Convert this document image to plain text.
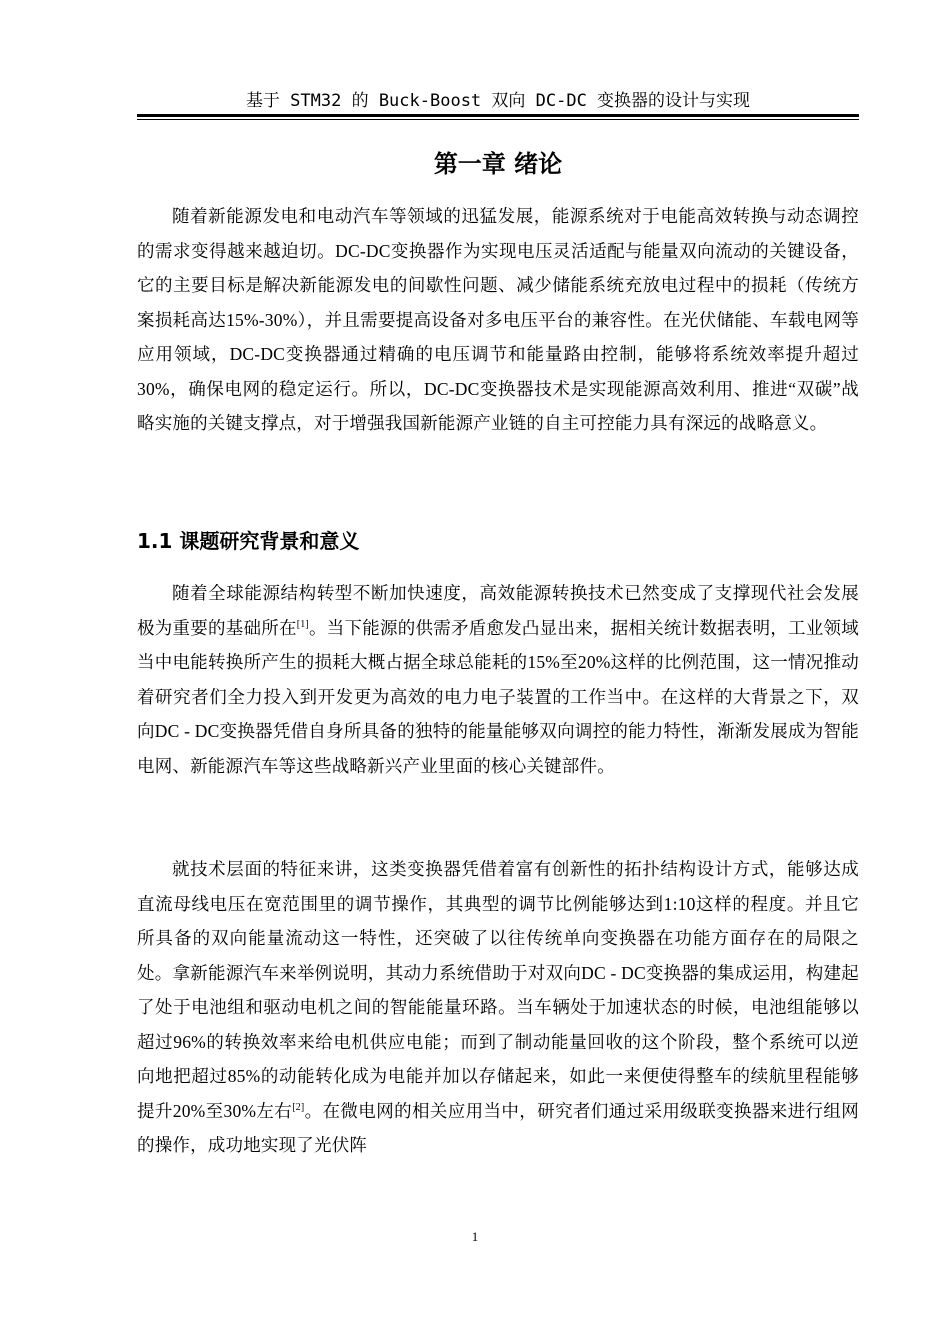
基于 STM32 的 Buck-Boost 双向 DC-DC 变换器的设计与实现
第一章 绪论

随着新能源发电和电动汽车等领域的迅猛发展，能源系统对于电能高效转换与动态调控的需求变得越来越迫切。DC-DC变换器作为实现电压灵活适配与能量双向流动的关键设备，它的主要目标是解决新能源发电的间歇性问题、减少储能系统充放电过程中的损耗（传统方案损耗高达15%-30%），并且需要提高设备对多电压平台的兼容性。在光伏储能、车载电网等应用领域，DC-DC变换器通过精确的电压调节和能量路由控制，能够将系统效率提升超过30%，确保电网的稳定运行。所以，DC-DC变换器技术是实现能源高效利用、推进“双碳”战略实施的关键支撑点，对于增强我国新能源产业链的自主可控能力具有深远的战略意义。

1.1 课题研究背景和意义

随着全球能源结构转型不断加快速度，高效能源转换技术已然变成了支撑现代社会发展极为重要的基础所在[1]。当下能源的供需矛盾愈发凸显出来，据相关统计数据表明，工业领域当中电能转换所产生的损耗大概占据全球总能耗的15%至20%这样的比例范围，这一情况推动着研究者们全力投入到开发更为高效的电力电子装置的工作当中。在这样的大背景之下，双向DC - DC变换器凭借自身所具备的独特的能量能够双向调控的能力特性，渐渐发展成为智能电网、新能源汽车等这些战略新兴产业里面的核心关键部件。

就技术层面的特征来讲，这类变换器凭借着富有创新性的拓扑结构设计方式，能够达成直流母线电压在宽范围里的调节操作，其典型的调节比例能够达到1:10这样的程度。并且它所具备的双向能量流动这一特性，还突破了以往传统单向变换器在功能方面存在的局限之处。拿新能源汽车来举例说明，其动力系统借助于对双向DC - DC变换器的集成运用，构建起了处于电池组和驱动电机之间的智能能量环路。当车辆处于加速状态的时候，电池组能够以超过96%的转换效率来给电机供应电能；而到了制动能量回收的这个阶段，整个系统可以逆向地把超过85%的动能转化成为电能并加以存储起来，如此一来便使得整车的续航里程能够提升20%至30%左右[2]。在微电网的相关应用当中，研究者们通过采用级联变换器来进行组网的操作，成功地实现了光伏阵

1
